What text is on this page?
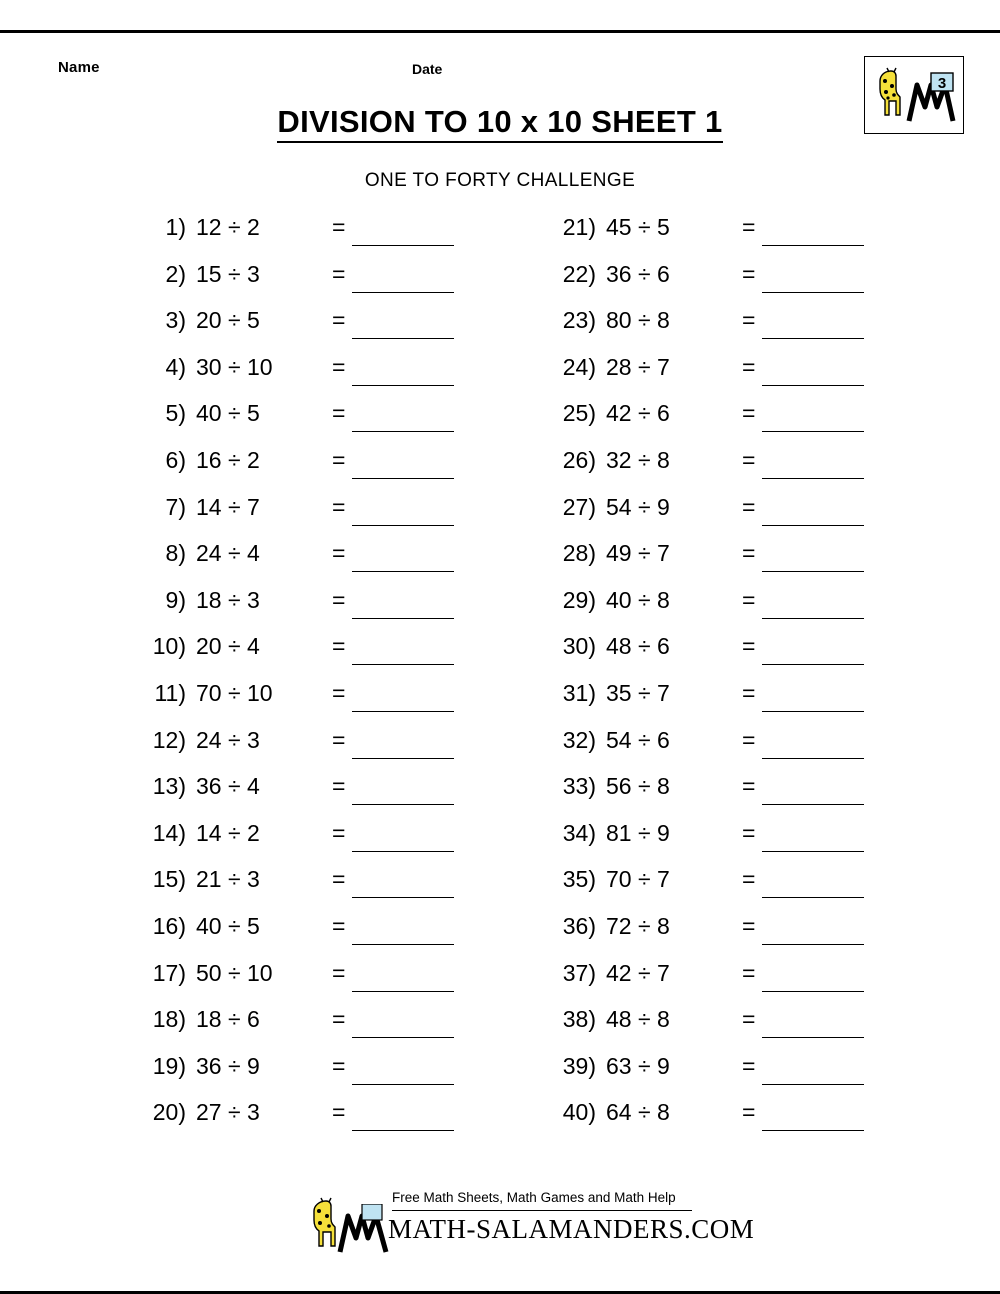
Name	Date
3
DIVISION TO 10 x 10 SHEET 1
ONE TO FORTY CHALLENGE
1) 12 ÷ 2	=
2) 15 ÷ 3	=
3) 20 ÷ 5	=
4) 30 ÷ 10	=
5) 40 ÷ 5	=
6) 16 ÷ 2	=
7) 14 ÷ 7	=
8) 24 ÷ 4	=
9) 18 ÷ 3	=
10) 20 ÷ 4	=
11) 70 ÷ 10	=
12) 24 ÷ 3	=
13) 36 ÷ 4	=
14) 14 ÷ 2	=
15) 21 ÷ 3	=
16) 40 ÷ 5	=
17) 50 ÷ 10	=
18) 18 ÷ 6	=
19) 36 ÷ 9	=
20) 27 ÷ 3	=
21) 45 ÷ 5	=
22) 36 ÷ 6	=
23) 80 ÷ 8	=
24) 28 ÷ 7	=
25) 42 ÷ 6	=
26) 32 ÷ 8	=
27) 54 ÷ 9	=
28) 49 ÷ 7	=
29) 40 ÷ 8	=
30) 48 ÷ 6	=
31) 35 ÷ 7	=
32) 54 ÷ 6	=
33) 56 ÷ 8	=
34) 81 ÷ 9	=
35) 70 ÷ 7	=
36) 72 ÷ 8	=
37) 42 ÷ 7	=
38) 48 ÷ 8	=
39) 63 ÷ 9	=
40) 64 ÷ 8	=
Free Math Sheets, Math Games and Math Help
MATH-SALAMANDERS.COM
